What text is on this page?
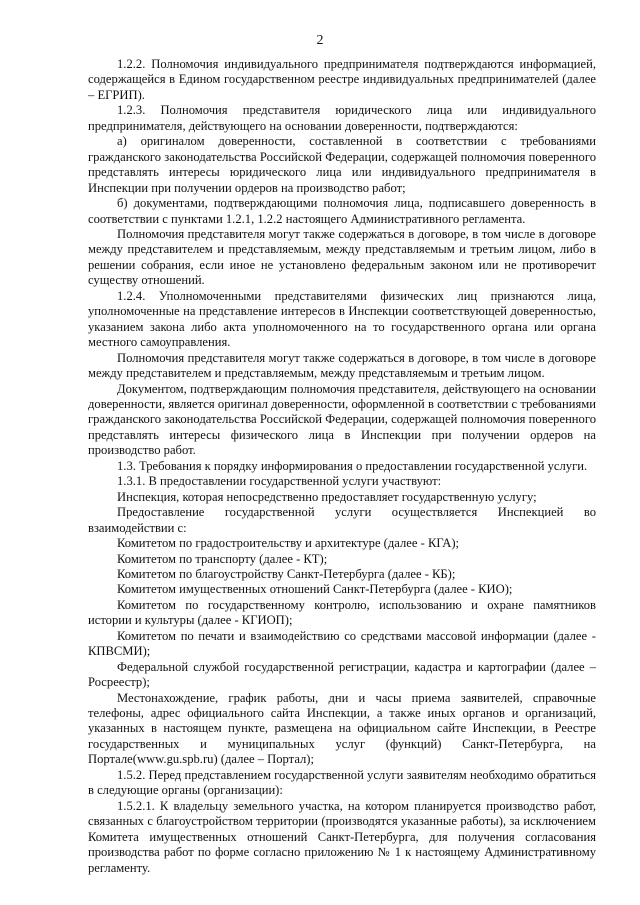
2

1.2.2. Полномочия индивидуального предпринимателя подтверждаются информацией, содержащейся в Едином государственном реестре индивидуальных предпринимателей (далее – ЕГРИП).

1.2.3. Полномочия представителя юридического лица или индивидуального предпринимателя, действующего на основании доверенности, подтверждаются:

а) оригиналом доверенности, составленной в соответствии с требованиями гражданского законодательства Российской Федерации, содержащей полномочия поверенного представлять интересы юридического лица или индивидуального предпринимателя в Инспекции при получении ордеров на производство работ;

б) документами, подтверждающими полномочия лица, подписавшего доверенность в соответствии с пунктами 1.2.1, 1.2.2 настоящего Административного регламента.

Полномочия представителя могут также содержаться в договоре, в том числе в договоре между представителем и представляемым, между представляемым и третьим лицом, либо в решении собрания, если иное не установлено федеральным законом или не противоречит существу отношений.

1.2.4. Уполномоченными представителями физических лиц признаются лица, уполномоченные на представление интересов в Инспекции соответствующей доверенностью, указанием закона либо акта уполномоченного на то государственного органа или органа местного самоуправления.

Полномочия представителя могут также содержаться в договоре, в том числе в договоре между представителем и представляемым, между представляемым и третьим лицом.

Документом, подтверждающим полномочия представителя, действующего на основании доверенности, является оригинал доверенности, оформленной в соответствии с требованиями гражданского законодательства Российской Федерации, содержащей полномочия поверенного представлять интересы физического лица в Инспекции при получении ордеров на производство работ.

1.3. Требования к порядку информирования о предоставлении государственной услуги.

1.3.1. В предоставлении государственной услуги участвуют:

Инспекция, которая непосредственно предоставляет государственную услугу;

Предоставление государственной услуги осуществляется Инспекцией во взаимодействии с:

Комитетом по градостроительству и архитектуре (далее - КГА);

Комитетом по транспорту (далее - КТ);

Комитетом по благоустройству Санкт-Петербурга (далее - КБ);

Комитетом имущественных отношений Санкт-Петербурга (далее - КИО);

Комитетом по государственному контролю, использованию и охране памятников истории и культуры (далее - КГИОП);

Комитетом по печати и взаимодействию со средствами массовой информации (далее - КПВСМИ);

Федеральной службой государственной регистрации, кадастра и картографии (далее – Росреестр);

Местонахождение, график работы, дни и часы приема заявителей, справочные телефоны, адрес официального сайта Инспекции, а также иных органов и организаций, указанных в настоящем пункте, размещена на официальном сайте Инспекции, в Реестре государственных и муниципальных услуг (функций) Санкт-Петербурга, на Портале(www.gu.spb.ru) (далее – Портал);

1.5.2. Перед представлением государственной услуги заявителям необходимо обратиться в следующие органы (организации):

1.5.2.1. К владельцу земельного участка, на котором планируется производство работ, связанных с благоустройством территории (производятся указанные работы), за исключением Комитета имущественных отношений Санкт-Петербурга, для получения согласования производства работ по форме согласно приложению № 1 к настоящему Административному регламенту.
